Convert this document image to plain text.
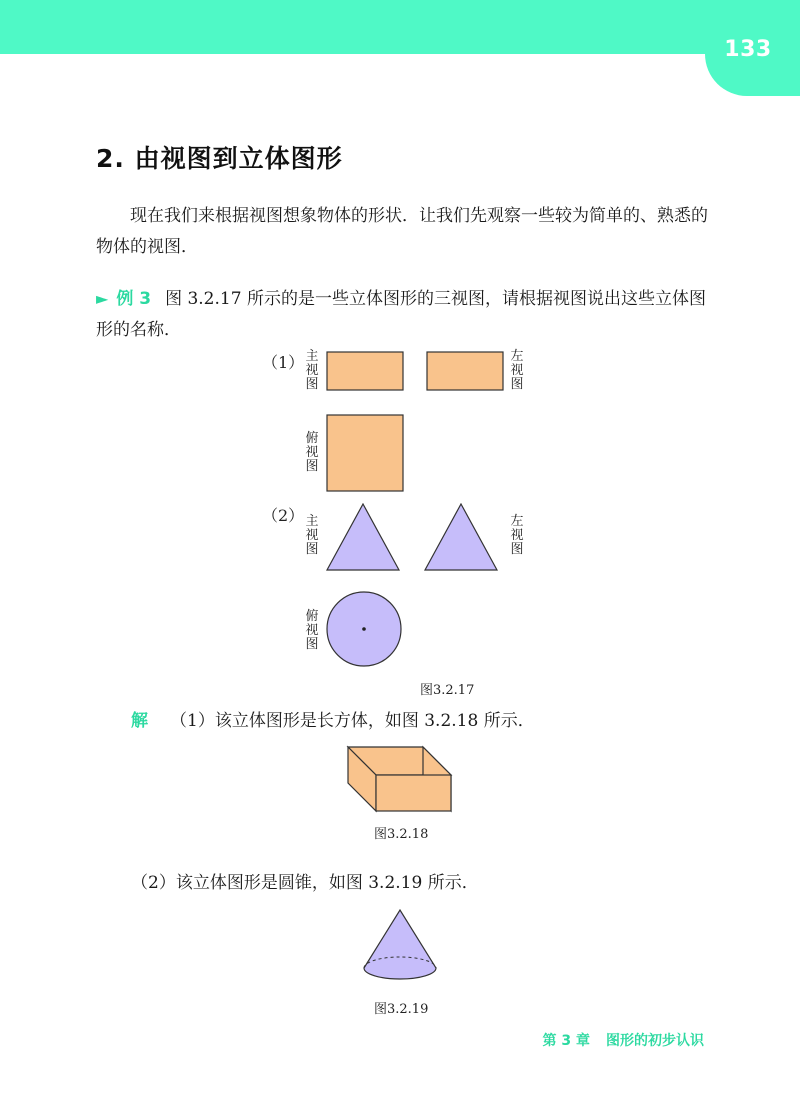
133
2. 由视图到立体图形
现在我们来根据视图想象物体的形状．让我们先观察一些较为简单的、熟悉的物体的视图．
► 例 3 图 3.2.17 所示的是一些立体图形的三视图，请根据视图说出这些立体图形的名称．
（1） 主
视
图
左
视
图
俯
视
图
（2） 主
视
图
左
视
图
俯
视
图
图3.2.17
解 （1）该立体图形是长方体，如图 3.2.18 所示．
图3.2.18
（2）该立体图形是圆锥，如图 3.2.19 所示．
图3.2.19
第 3 章 图形的初步认识
